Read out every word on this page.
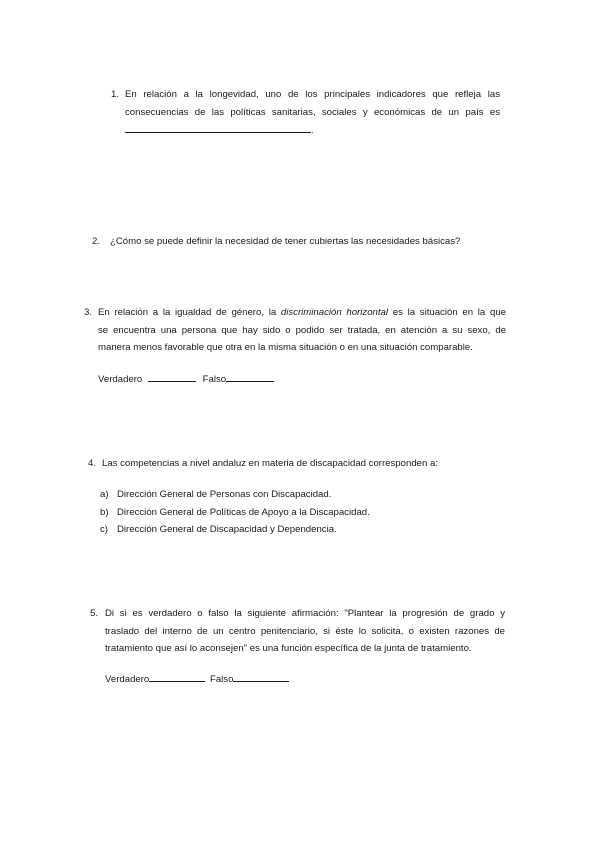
1. En relación a la longevidad, uno de los principales indicadores que refleja las
consecuencias de las políticas sanitarias, sociales y económicas de un país es
.
2. ¿Cómo se puede definir la necesidad de tener cubiertas las necesidades básicas?
3. En relación a la igualdad de género, la discriminación horizontal es la situación en la que
se encuentra una persona que hay sido o podido ser tratada, en atención a su sexo, de
manera menos favorable que otra en la misma situación o en una situación comparable.
Verdadero	Falso
4. Las competencias a nivel andaluz en materia de discapacidad corresponden a:
a) Dirección General de Personas con Discapacidad.
b) Dirección General de Políticas de Apoyo a la Discapacidad.
c) Dirección General de Discapacidad y Dependencia.
5. Di si es verdadero o falso la siguiente afirmación: "Plantear la progresión de grado y
traslado del interno de un centro penitenciario, si éste lo solicita, o existen razones de
tratamiento que así lo aconsejen" es una función específica de la junta de tratamiento.
Verdadero	Falso
